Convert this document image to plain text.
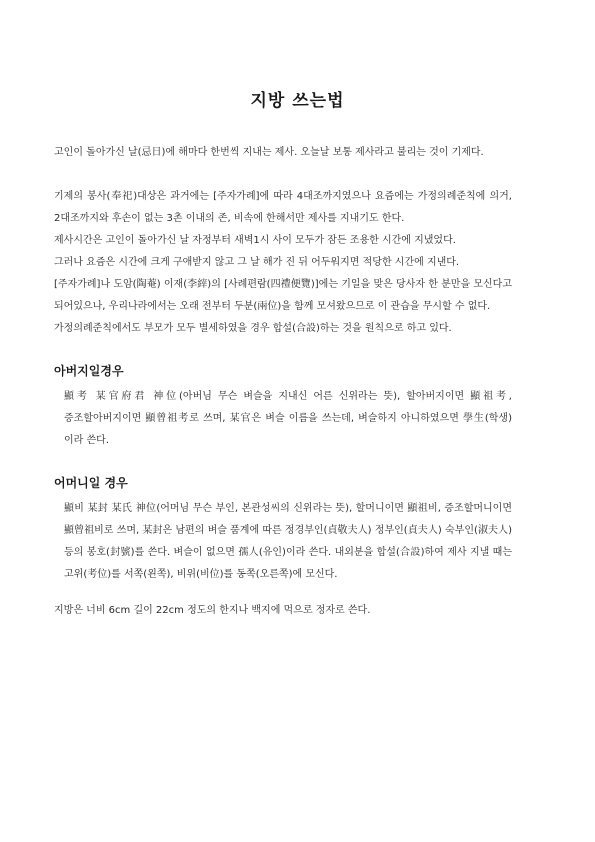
지방 쓰는법

고인이 돌아가신 날(忌日)에 해마다 한번씩 지내는 제사. 오늘날 보통 제사라고 불리는 것이 기제다.

기제의 봉사(奉祀)대상은 과거에는 [주자가례]에 따라 4대조까지였으나 요즘에는 가정의례준칙에 의거, 2대조까지와 후손이 없는 3촌 이내의 존, 비속에 한해서만 제사를 지내기도 한다.

제사시간은 고인이 돌아가신 날 자정부터 새벽1시 사이 모두가 잠든 조용한 시간에 지냈었다.

그러나 요즘은 시간에 크게 구애받지 않고 그 날 해가 진 뒤 어두워지면 적당한 시간에 지낸다.

[주자가례]나 도암(陶菴) 이재(李縡)의 [사례편람(四禮便覽)]에는 기일을 맞은 당사자 한 분만을 모신다고 되어있으나, 우리나라에서는 오래 전부터 두분(兩位)을 함께 모셔왔으므로 이 관습을 무시할 수 없다.

가정의례준칙에서도 부모가 모두 별세하였을 경우 합설(合設)하는 것을 원칙으로 하고 있다.

아버지일경우

顯考 某官府君 神位(아버님 무슨 벼슬을 지내신 어른 신위라는 뜻), 할아버지이면 顯祖考, 증조할아버지이면 顯曾祖考로 쓰며, 某官은 벼슬 이름을 쓰는데, 벼슬하지 아니하였으면 學生(학생)이라 쓴다.

어머니일 경우

顯비 某封 某氏 神位(어머님 무슨 부인, 본관성씨의 신위라는 뜻), 할머니이면 顯祖비, 증조할머니이면 顯曾祖비로 쓰며, 某封은 남편의 벼슬 품계에 따른 정경부인(貞敬夫人) 정부인(貞夫人) 숙부인(淑夫人) 등의 봉호(封號)를 쓴다. 벼슬이 없으면 孺人(유인)이라 쓴다. 내외분을 합설(合設)하여 제사 지낼 때는 고위(考位)를 서쪽(왼쪽), 비위(비位)를 동쪽(오른쪽)에 모신다.

지방은 너비 6cm 길이 22cm 정도의 한지나 백지에 먹으로 정자로 쓴다.
